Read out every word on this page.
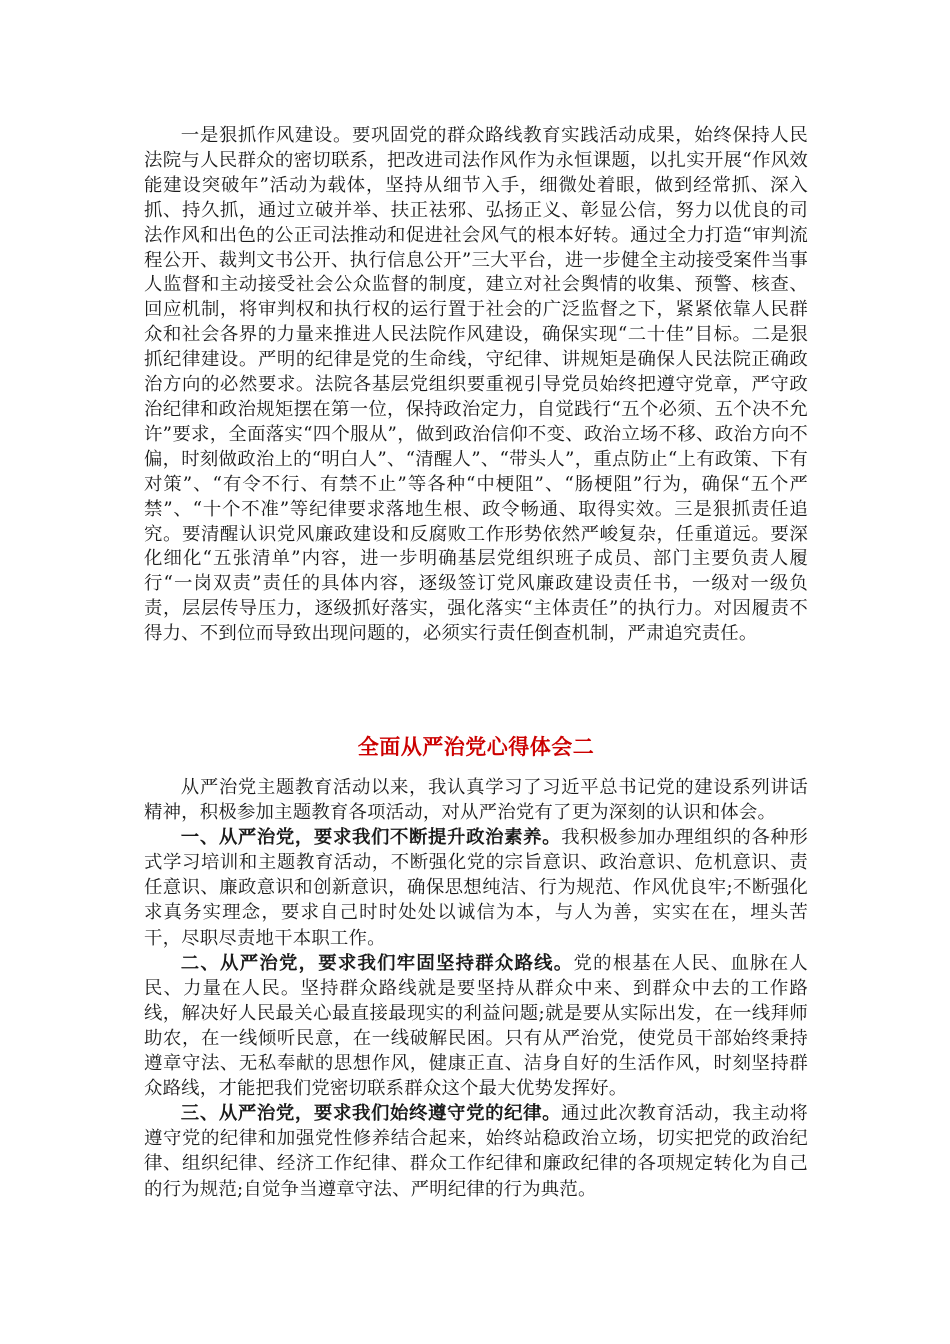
一是狠抓作风建设。要巩固党的群众路线教育实践活动成果，始终保持人民法院与人民群众的密切联系，把改进司法作风作为永恒课题，以扎实开展“作风效能建设突破年”活动为载体，坚持从细节入手，细微处着眼，做到经常抓、深入抓、持久抓，通过立破并举、扶正祛邪、弘扬正义、彰显公信，努力以优良的司法作风和出色的公正司法推动和促进社会风气的根本好转。通过全力打造“审判流程公开、裁判文书公开、执行信息公开”三大平台，进一步健全主动接受案件当事人监督和主动接受社会公众监督的制度，建立对社会舆情的收集、预警、核查、回应机制，将审判权和执行权的运行置于社会的广泛监督之下，紧紧依靠人民群众和社会各界的力量来推进人民法院作风建设，确保实现“二十佳”目标。二是狠抓纪律建设。严明的纪律是党的生命线，守纪律、讲规矩是确保人民法院正确政治方向的必然要求。法院各基层党组织要重视引导党员始终把遵守党章，严守政治纪律和政治规矩摆在第一位，保持政治定力，自觉践行“五个必须、五个决不允许”要求，全面落实“四个服从”，做到政治信仰不变、政治立场不移、政治方向不偏，时刻做政治上的“明白人”、“清醒人”、“带头人”，重点防止“上有政策、下有对策”、“有令不行、有禁不止”等各种“中梗阻”、“肠梗阻”行为，确保“五个严禁”、“十个不准”等纪律要求落地生根、政令畅通、取得实效。三是狠抓责任追究。要清醒认识党风廉政建设和反腐败工作形势依然严峻复杂，任重道远。要深化细化“五张清单”内容，进一步明确基层党组织班子成员、部门主要负责人履行“一岗双责”责任的具体内容，逐级签订党风廉政建设责任书，一级对一级负责，层层传导压力，逐级抓好落实，强化落实“主体责任”的执行力。对因履责不得力、不到位而导致出现问题的，必须实行责任倒查机制，严肃追究责任。

全面从严治党心得体会二

从严治党主题教育活动以来，我认真学习了习近平总书记党的建设系列讲话精神，积极参加主题教育各项活动，对从严治党有了更为深刻的认识和体会。

一、从严治党，要求我们不断提升政治素养。我积极参加办理组织的各种形式学习培训和主题教育活动，不断强化党的宗旨意识、政治意识、危机意识、责任意识、廉政意识和创新意识，确保思想纯洁、行为规范、作风优良牢;不断强化求真务实理念，要求自己时时处处以诚信为本，与人为善，实实在在，埋头苦干，尽职尽责地干本职工作。

二、从严治党，要求我们牢固坚持群众路线。党的根基在人民、血脉在人民、力量在人民。坚持群众路线就是要坚持从群众中来、到群众中去的工作路线，解决好人民最关心最直接最现实的利益问题;就是要从实际出发，在一线拜师助农，在一线倾听民意，在一线破解民困。只有从严治党，使党员干部始终秉持遵章守法、无私奉献的思想作风，健康正直、洁身自好的生活作风，时刻坚持群众路线，才能把我们党密切联系群众这个最大优势发挥好。

三、从严治党，要求我们始终遵守党的纪律。通过此次教育活动，我主动将遵守党的纪律和加强党性修养结合起来，始终站稳政治立场，切实把党的政治纪律、组织纪律、经济工作纪律、群众工作纪律和廉政纪律的各项规定转化为自己的行为规范;自觉争当遵章守法、严明纪律的行为典范。
